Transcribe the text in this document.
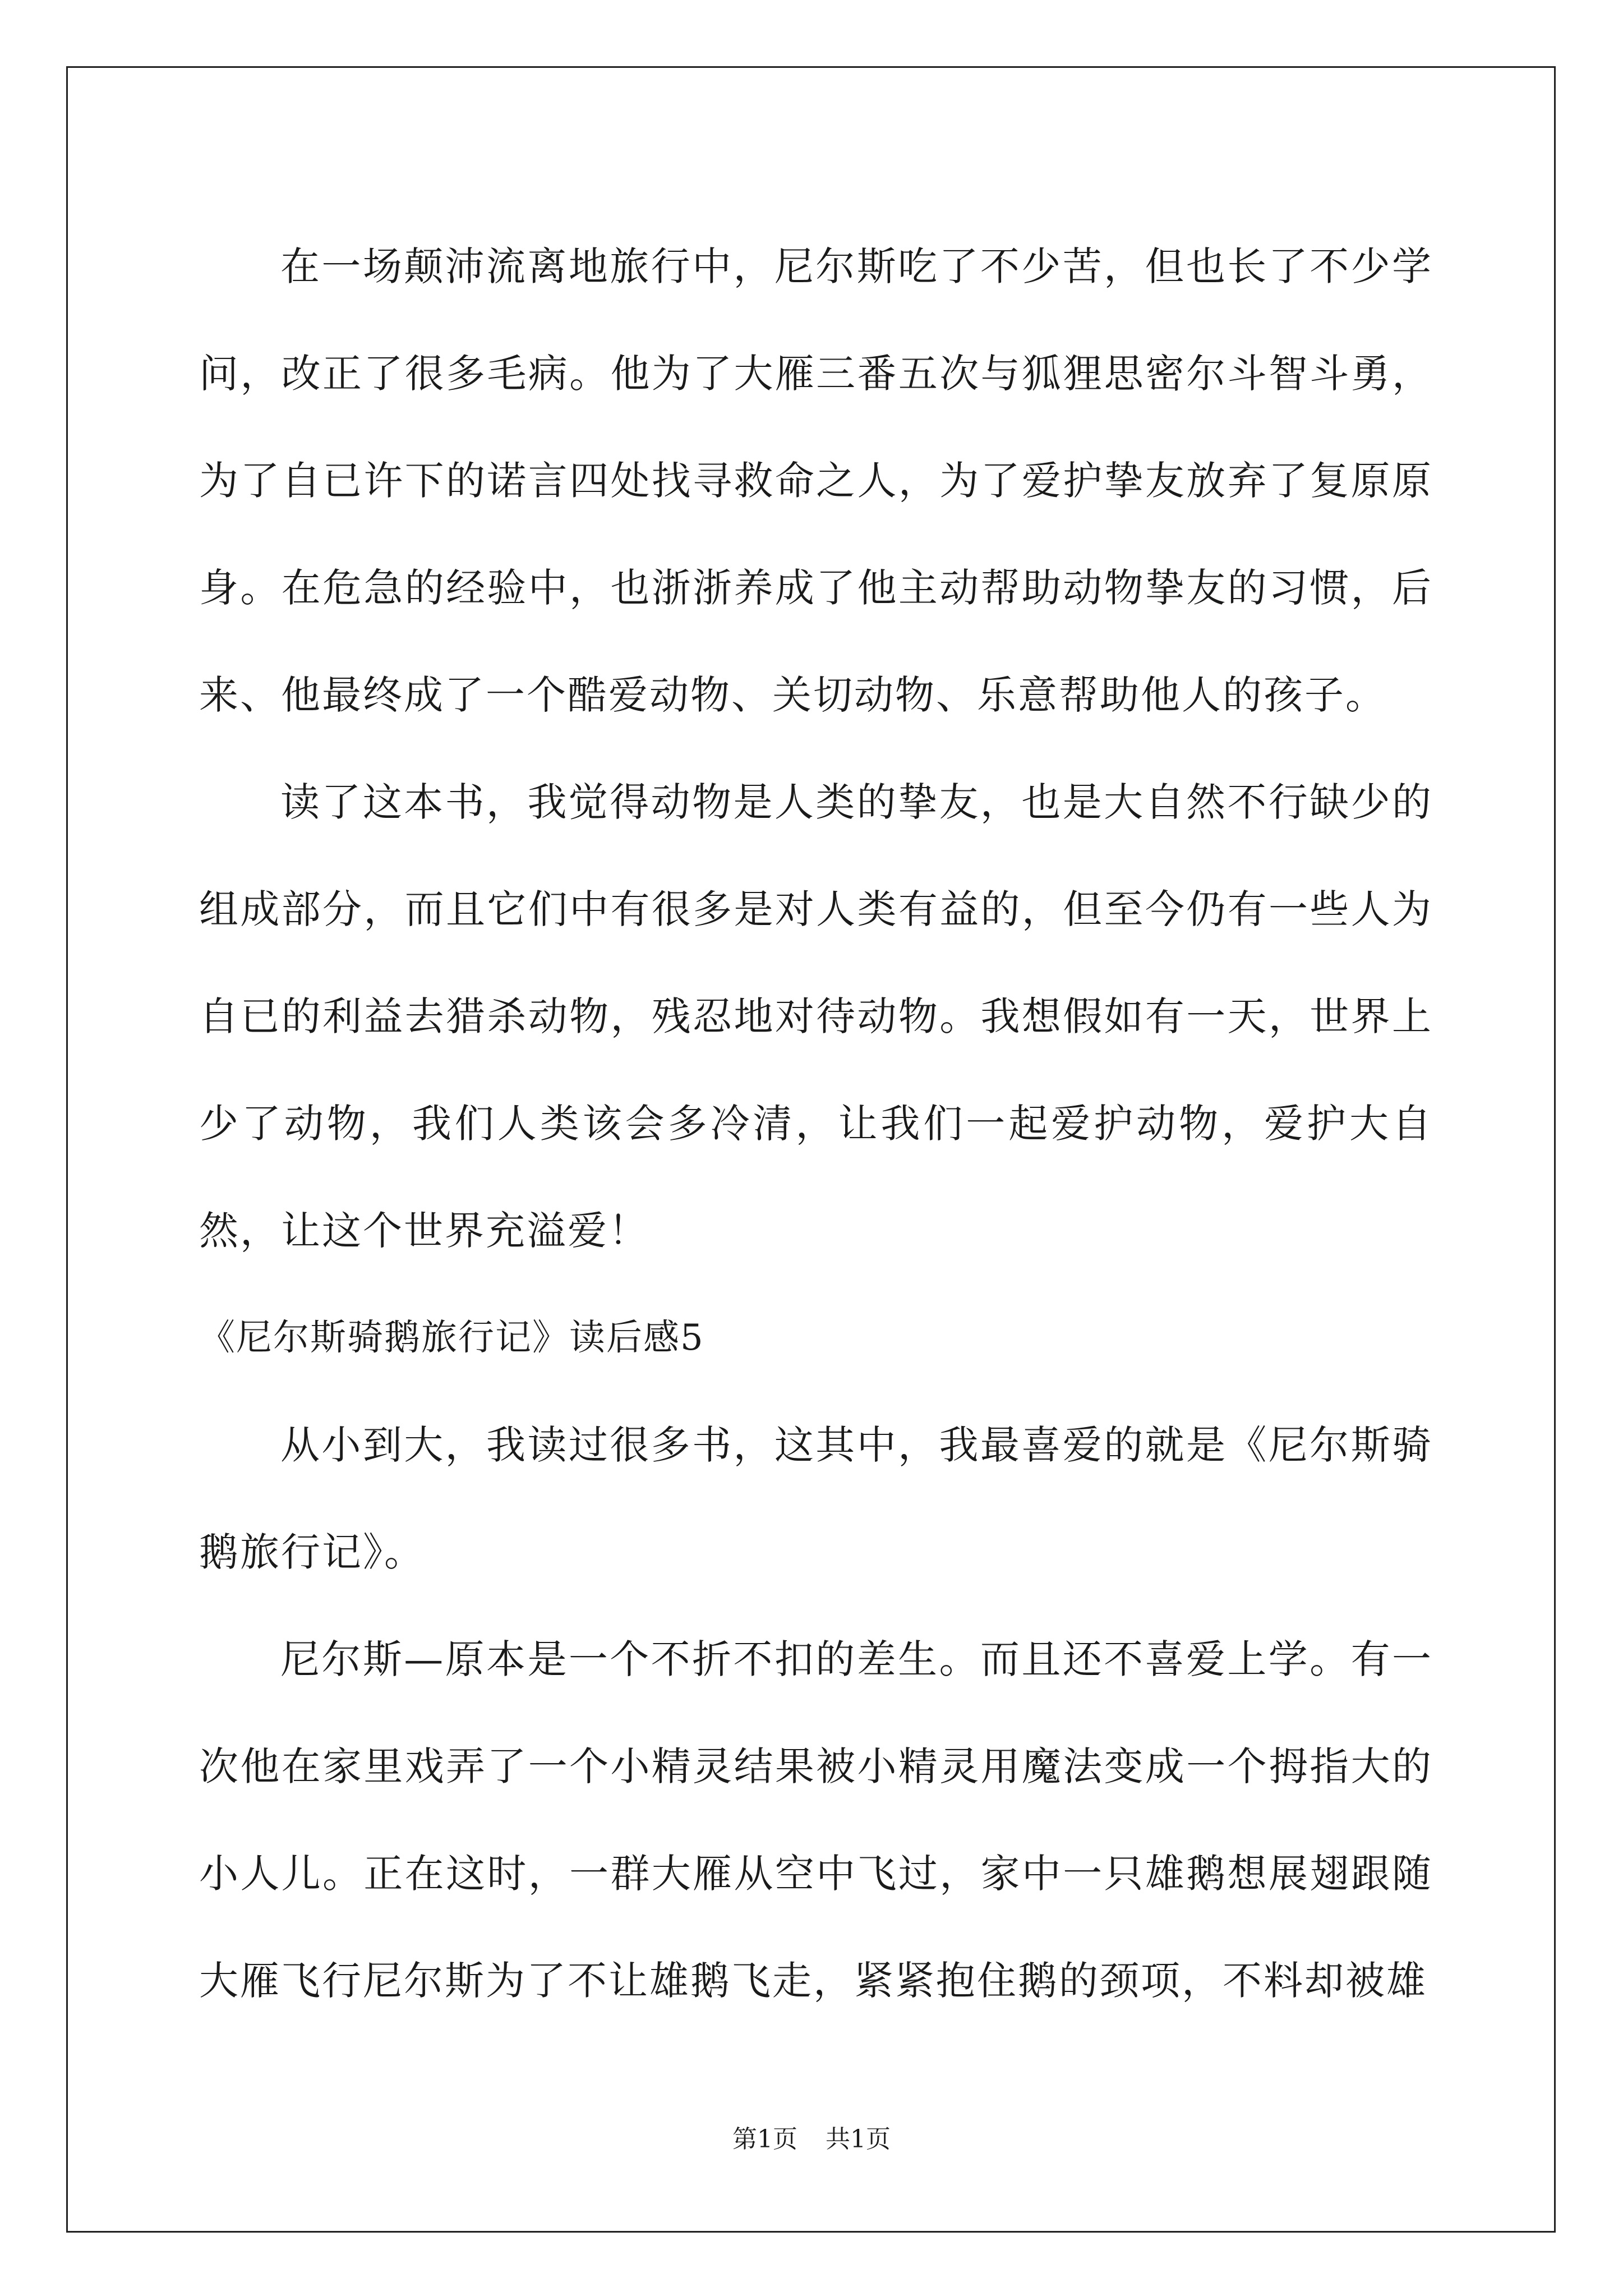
在一场颠沛流离地旅行中，尼尔斯吃了不少苦，但也长了不少学问，改正了很多毛病。他为了大雁三番五次与狐狸思密尔斗智斗勇，为了自已许下的诺言四处找寻救命之人，为了爱护挚友放弃了复原原身。在危急的经验中，也浙浙养成了他主动帮助动物挚友的习惯，后来、他最终成了一个酷爱动物、关切动物、乐意帮助他人的孩子。

读了这本书，我觉得动物是人类的挚友，也是大自然不行缺少的组成部分，而且它们中有很多是对人类有益的，但至今仍有一些人为自已的利益去猎杀动物，残忍地对待动物。我想假如有一天，世界上少了动物，我们人类该会多冷清，让我们一起爱护动物，爱护大自然，让这个世界充溢爱！

《尼尔斯骑鹅旅行记》读后感5

从小到大，我读过很多书，这其中，我最喜爱的就是《尼尔斯骑鹅旅行记》。

尼尔斯—原本是一个不折不扣的差生。而且还不喜爱上学。有一次他在家里戏弄了一个小精灵结果被小精灵用魔法变成一个拇指大的小人儿。正在这时，一群大雁从空中飞过，家中一只雄鹅想展翅跟随大雁飞行尼尔斯为了不让雄鹅飞走，紧紧抱住鹅的颈项，不料却被雄

第1页 共1页
